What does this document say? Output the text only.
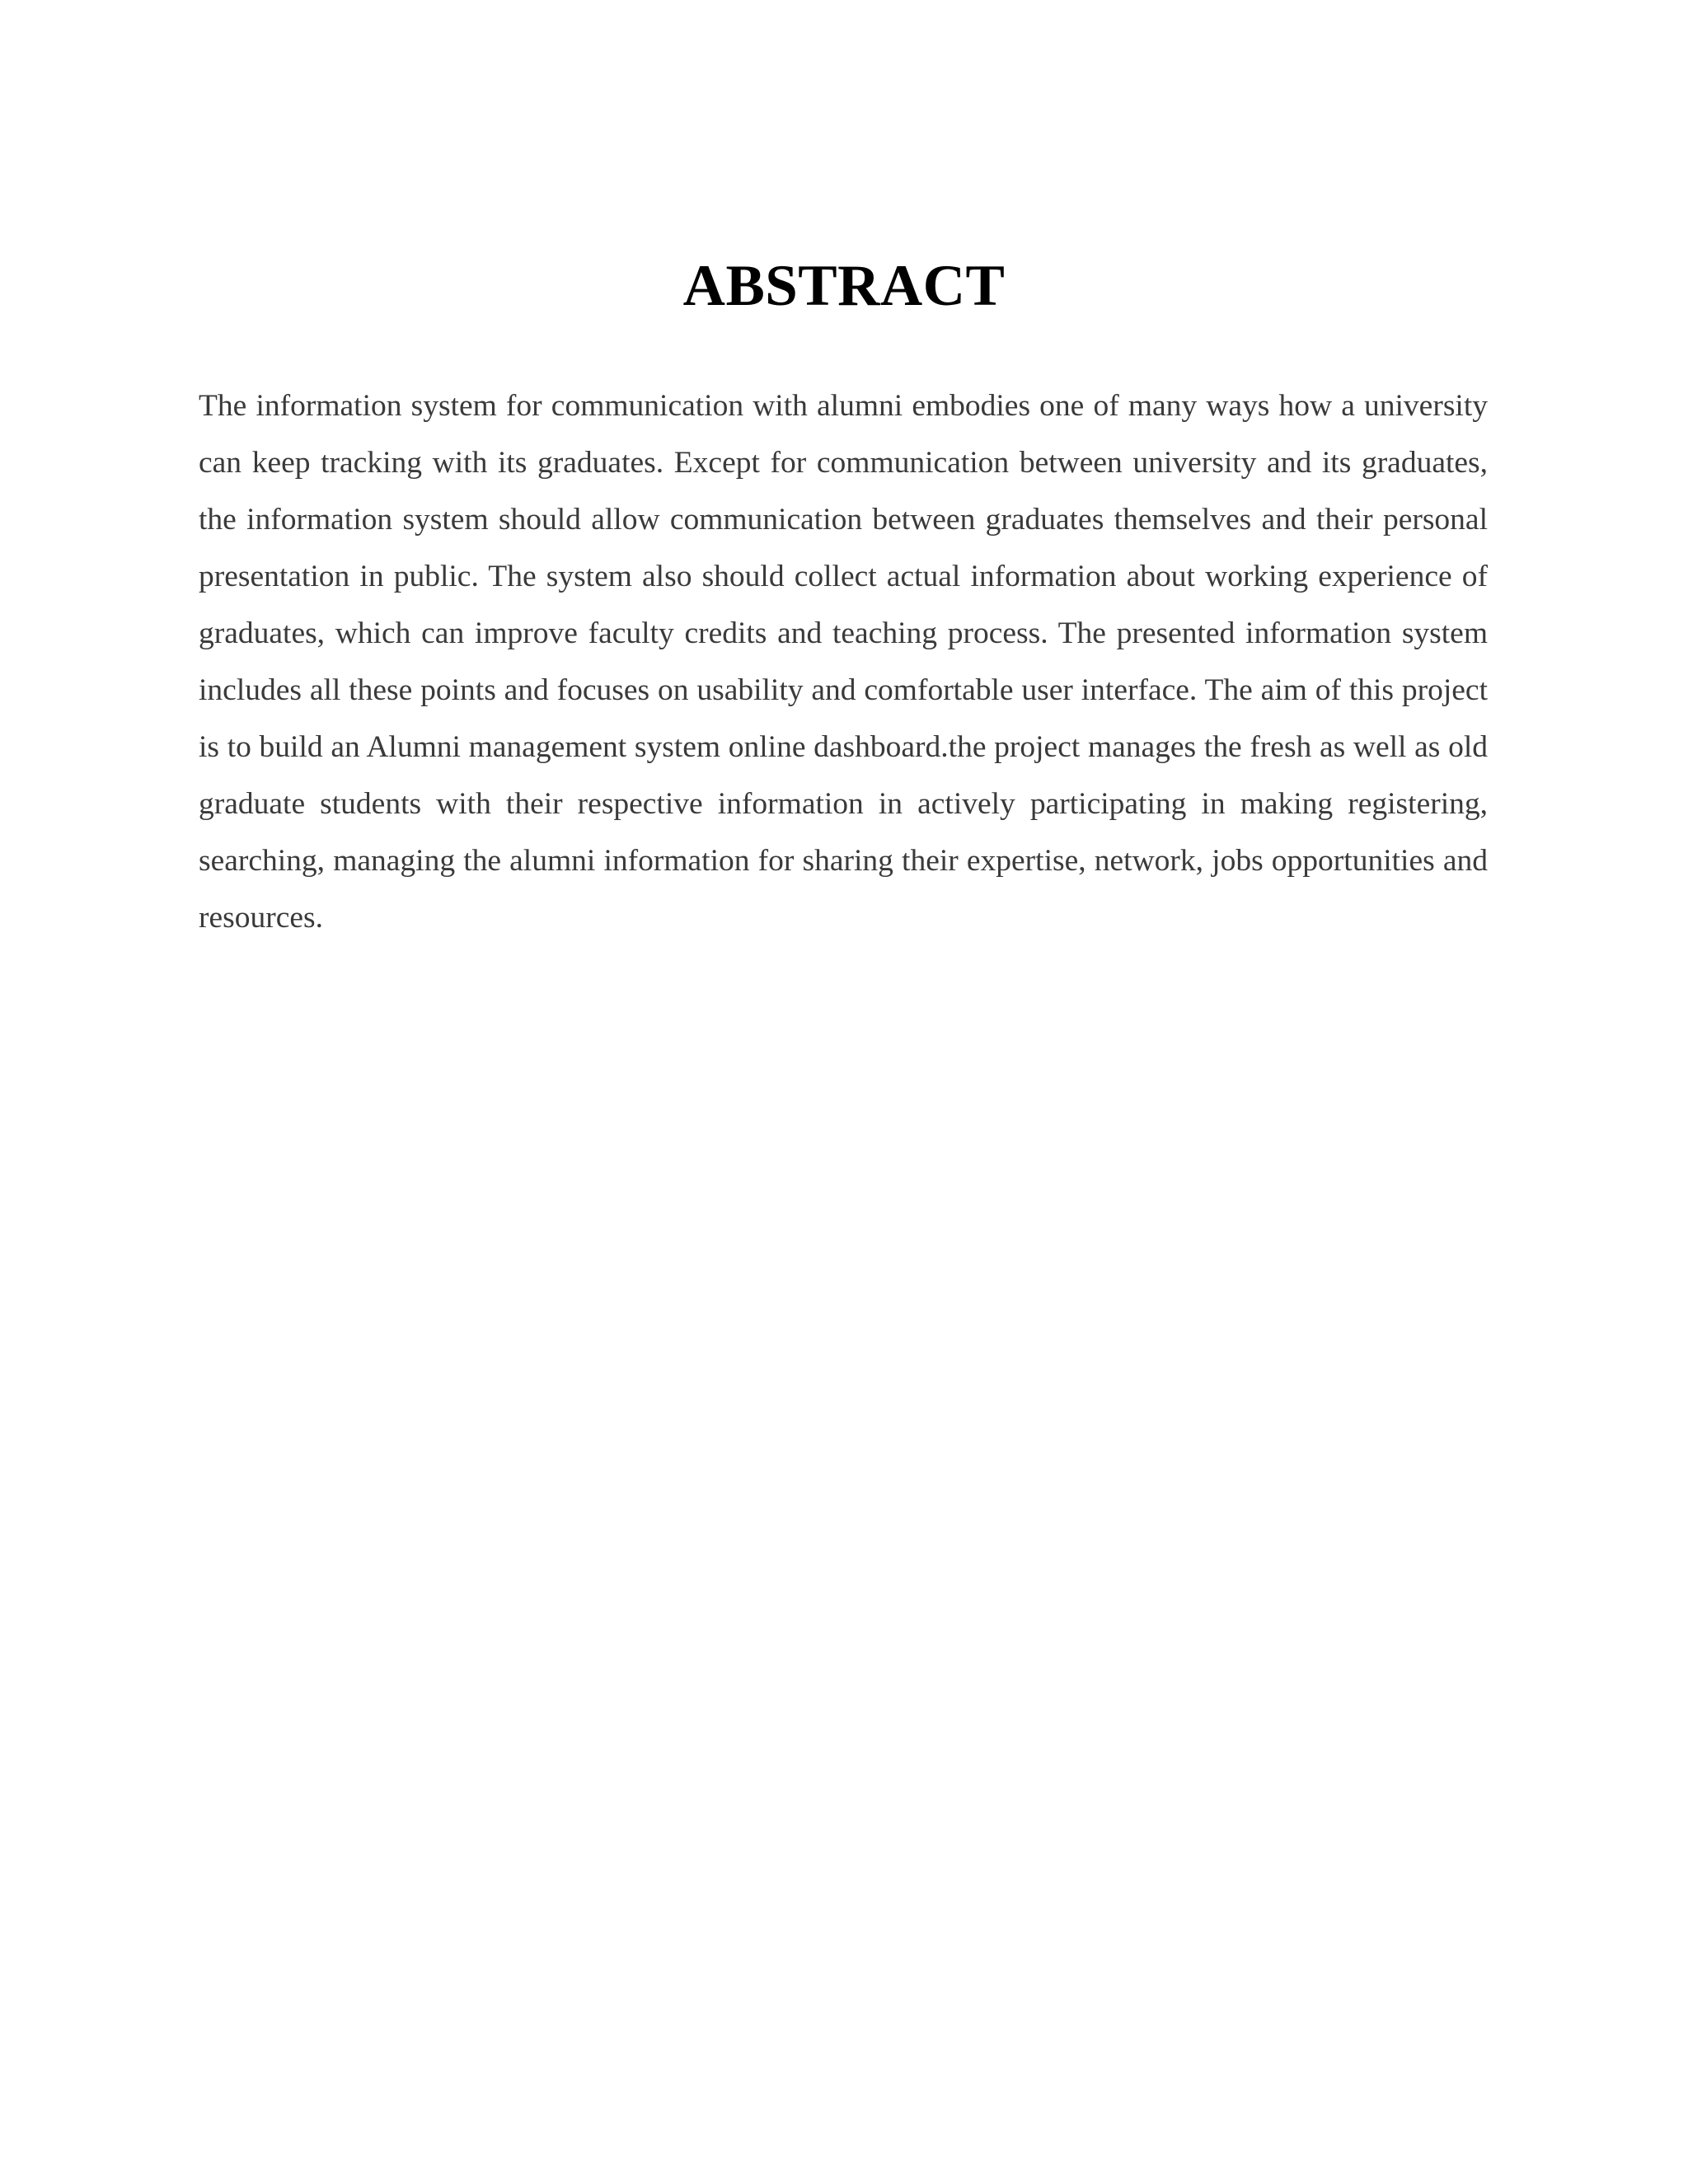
ABSTRACT

The information system for communication with alumni embodies one of many ways how a university can keep tracking with its graduates. Except for communication between university and its graduates, the information system should allow communication between graduates themselves and their personal presentation in public. The system also should collect actual information about working experience of graduates, which can improve faculty credits and teaching process. The presented information system includes all these points and focuses on usability and comfortable user interface. The aim of this project is to build an Alumni management system online dashboard.the project manages the fresh as well as old graduate students with their respective information in actively participating in making registering, searching, managing the alumni information for sharing their expertise, network, jobs opportunities and resources.
